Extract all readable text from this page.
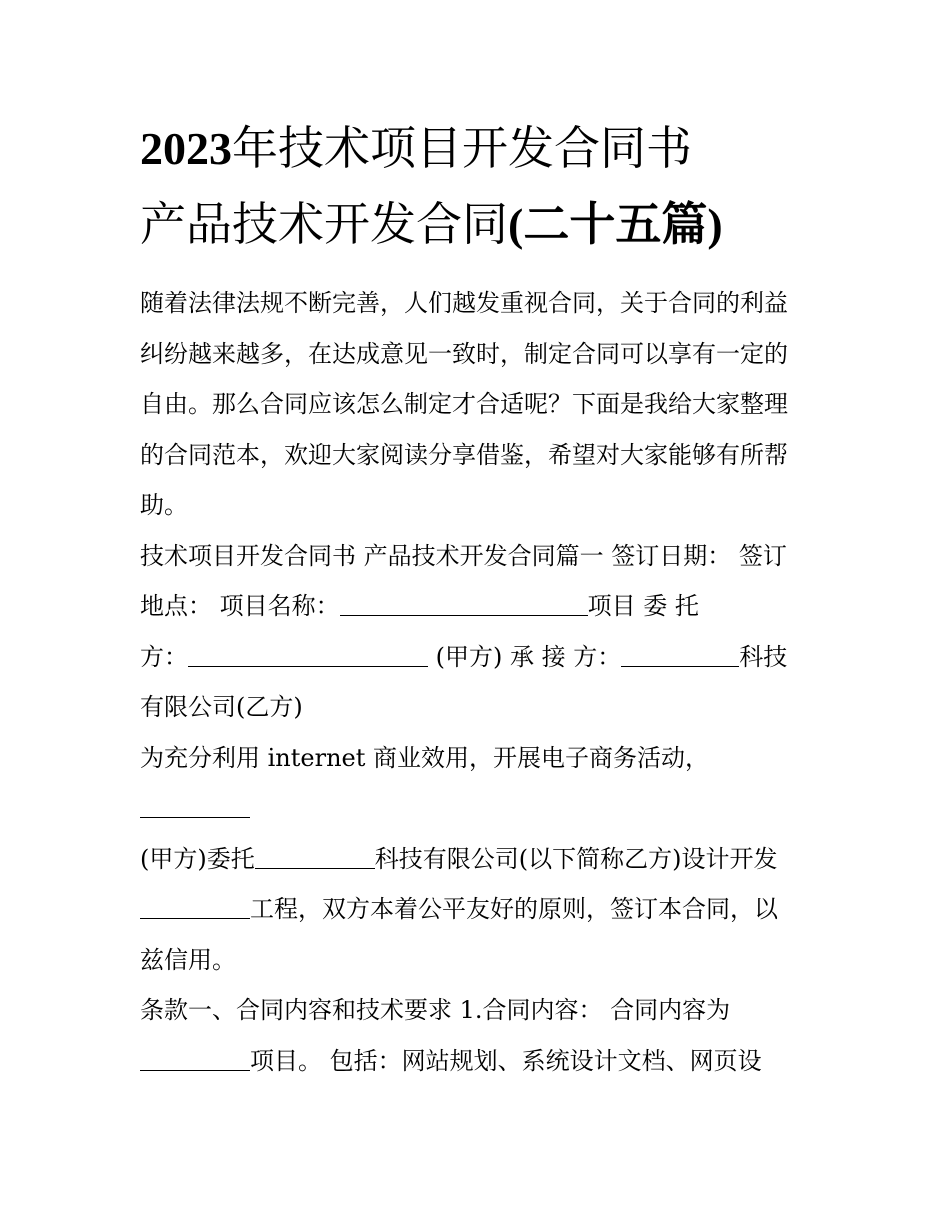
2023年技术项目开发合同书
产品技术开发合同(二十五篇)
随着法律法规不断完善，人们越发重视合同，关于合同的利益
纠纷越来越多，在达成意见一致时，制定合同可以享有一定的
自由。那么合同应该怎么制定才合适呢？下面是我给大家整理
的合同范本，欢迎大家阅读分享借鉴，希望对大家能够有所帮
助。
技术项目开发合同书 产品技术开发合同篇一 签订日期： 签订
地点： 项目名称：	项目 委 托
方：	(甲方) 承 接 方：	科技
有限公司(乙方)
为充分利用 internet 商业效用，开展电子商务活动，
(甲方)委托	科技有限公司(以下简称乙方)设计开发
工程，双方本着公平友好的原则，签订本合同，以
兹信用。
条款一、合同内容和技术要求 1.合同内容： 合同内容为
项目。 包括：网站规划、系统设计文档、网页设
